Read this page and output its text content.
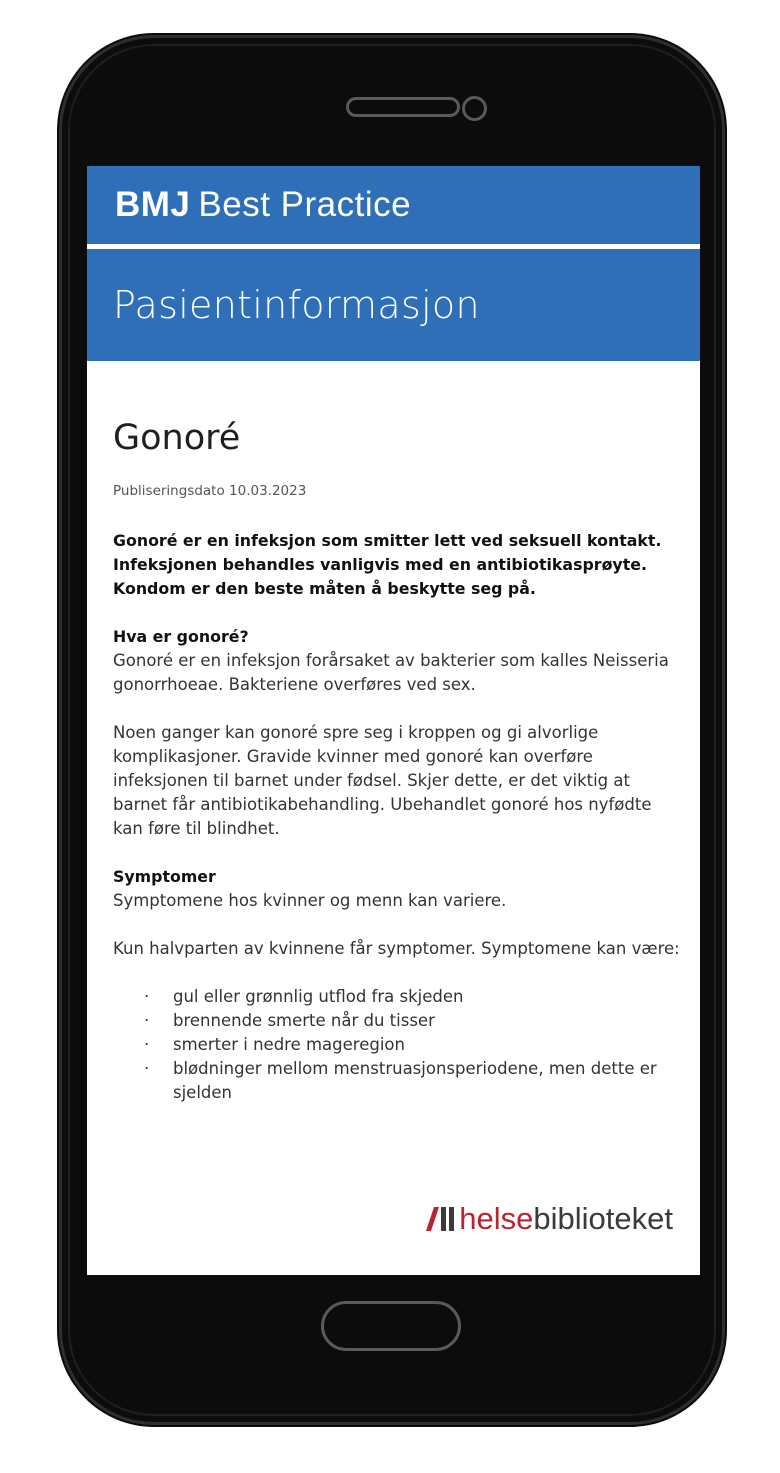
BMJ Best Practice
Pasientinformasjon
Gonoré
Publiseringsdato 10.03.2023
Gonoré er en infeksjon som smitter lett ved seksuell kontakt. Infeksjonen behandles vanligvis med en antibiotikasprøyte. Kondom er den beste måten å beskytte seg på.
Hva er gonoré?
Gonoré er en infeksjon forårsaket av bakterier som kalles Neisseria gonorrhoeae. Bakteriene overføres ved sex.
Noen ganger kan gonoré spre seg i kroppen og gi alvorlige komplikasjoner. Gravide kvinner med gonoré kan overføre infeksjonen til barnet under fødsel. Skjer dette, er det viktig at barnet får antibiotikabehandling. Ubehandlet gonoré hos nyfødte kan føre til blindhet.
Symptomer
Symptomene hos kvinner og menn kan variere.
Kun halvparten av kvinnene får symptomer. Symptomene kan være:
· gul eller grønnlig utflod fra skjeden
· brennende smerte når du tisser
· smerter i nedre mageregion
· blødninger mellom menstruasjonsperiodene, men dette er sjelden
helse biblioteket
